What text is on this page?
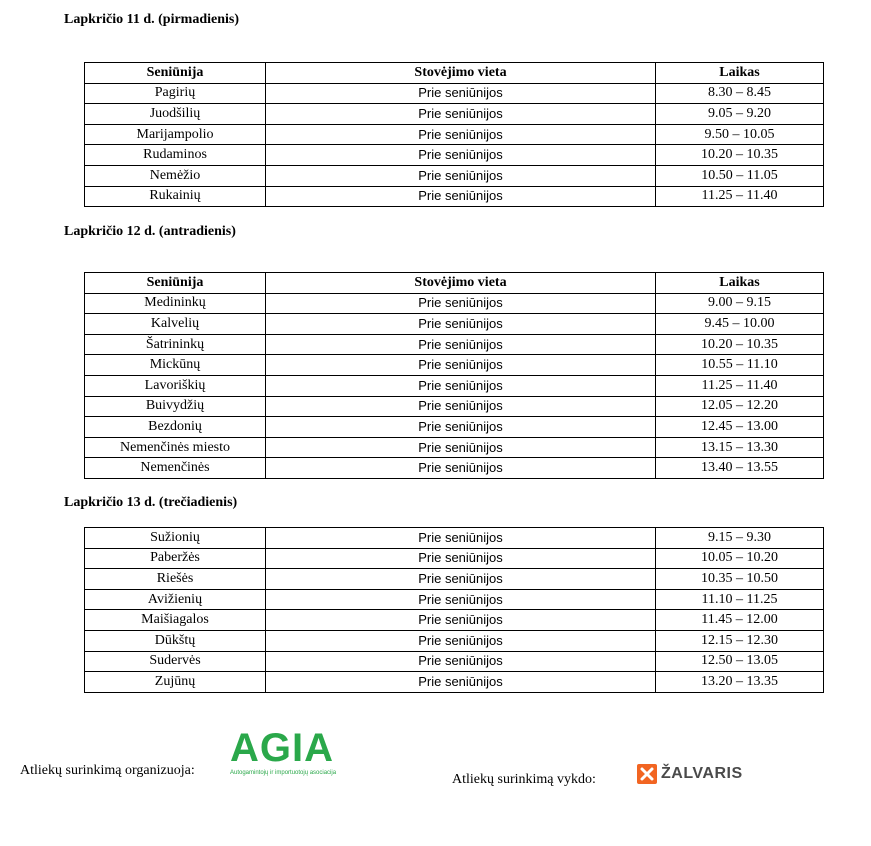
Lapkričio 11 d. (pirmadienis)
Seniūnija	Stovėjimo vieta	Laikas
Pagirių	Prie seniūnijos	8.30 – 8.45
Juodšilių	Prie seniūnijos	9.05 – 9.20
Marijampolio	Prie seniūnijos	9.50 – 10.05
Rudaminos	Prie seniūnijos	10.20 – 10.35
Nemėžio	Prie seniūnijos	10.50 – 11.05
Rukainių	Prie seniūnijos	11.25 – 11.40
Lapkričio 12 d. (antradienis)
Seniūnija	Stovėjimo vieta	Laikas
Medininkų	Prie seniūnijos	9.00 – 9.15
Kalvelių	Prie seniūnijos	9.45 – 10.00
Šatrininkų	Prie seniūnijos	10.20 – 10.35
Mickūnų	Prie seniūnijos	10.55 – 11.10
Lavoriškių	Prie seniūnijos	11.25 – 11.40
Buivydžių	Prie seniūnijos	12.05 – 12.20
Bezdonių	Prie seniūnijos	12.45 – 13.00
Nemenčinės miesto	Prie seniūnijos	13.15 – 13.30
Nemenčinės	Prie seniūnijos	13.40 – 13.55
Lapkričio 13 d. (trečiadienis)
Sužionių	Prie seniūnijos	9.15 – 9.30
Paberžės	Prie seniūnijos	10.05 – 10.20
Riešės	Prie seniūnijos	10.35 – 10.50
Avižienių	Prie seniūnijos	11.10 – 11.25
Maišiagalos	Prie seniūnijos	11.45 – 12.00
Dūkštų	Prie seniūnijos	12.15 – 12.30
Sudervės	Prie seniūnijos	12.50 – 13.05
Zujūnų	Prie seniūnijos	13.20 – 13.35
Atliekų surinkimą organizuoja:
AGIA
Autogamintojų ir importuotojų asociacija	Atliekų surinkimą vykdo:	ŽALVARIS
